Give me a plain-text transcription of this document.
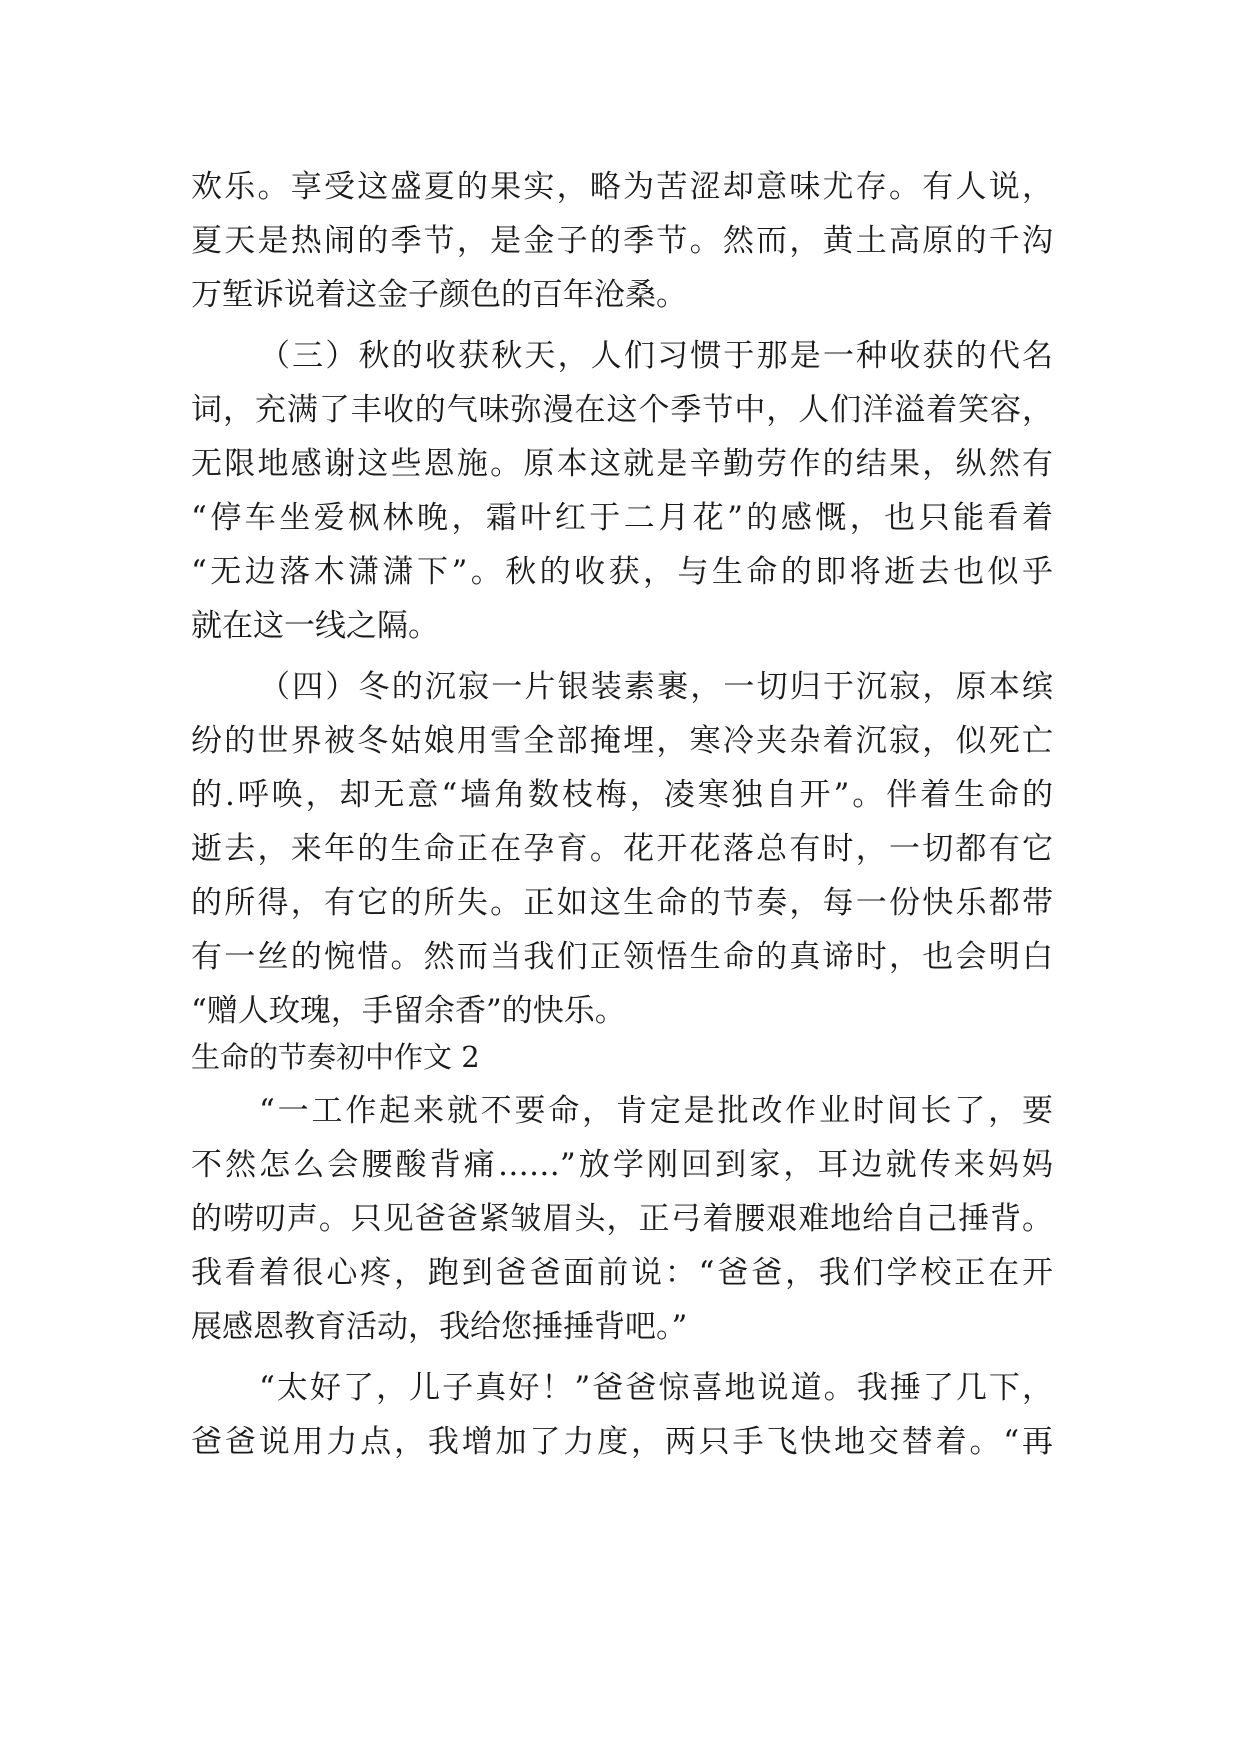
欢乐。享受这盛夏的果实，略为苦涩却意味尤存。有人说，
夏天是热闹的季节，是金子的季节。然而，黄土高原的千沟
万堑诉说着这金子颜色的百年沧桑。
（三）秋的收获秋天，人们习惯于那是一种收获的代名
词，充满了丰收的气味弥漫在这个季节中，人们洋溢着笑容，
无限地感谢这些恩施。原本这就是辛勤劳作的结果，纵然有
“停车坐爱枫林晚，霜叶红于二月花”的感慨，也只能看着
“无边落木潇潇下”。秋的收获，与生命的即将逝去也似乎
就在这一线之隔。
（四）冬的沉寂一片银装素裹，一切归于沉寂，原本缤
纷的世界被冬姑娘用雪全部掩埋，寒冷夹杂着沉寂，似死亡
的.呼唤，却无意“墙角数枝梅，凌寒独自开”。伴着生命的
逝去，来年的生命正在孕育。花开花落总有时，一切都有它
的所得，有它的所失。正如这生命的节奏，每一份快乐都带
有一丝的惋惜。然而当我们正领悟生命的真谛时，也会明白
“赠人玫瑰，手留余香”的快乐。
生命的节奏初中作文 2
“一工作起来就不要命，肯定是批改作业时间长了，要
不然怎么会腰酸背痛……”放学刚回到家，耳边就传来妈妈
的唠叨声。只见爸爸紧皱眉头，正弓着腰艰难地给自己捶背。
我看着很心疼，跑到爸爸面前说：“爸爸，我们学校正在开
展感恩教育活动，我给您捶捶背吧。”
“太好了，儿子真好！”爸爸惊喜地说道。我捶了几下，
爸爸说用力点，我增加了力度，两只手飞快地交替着。“再
